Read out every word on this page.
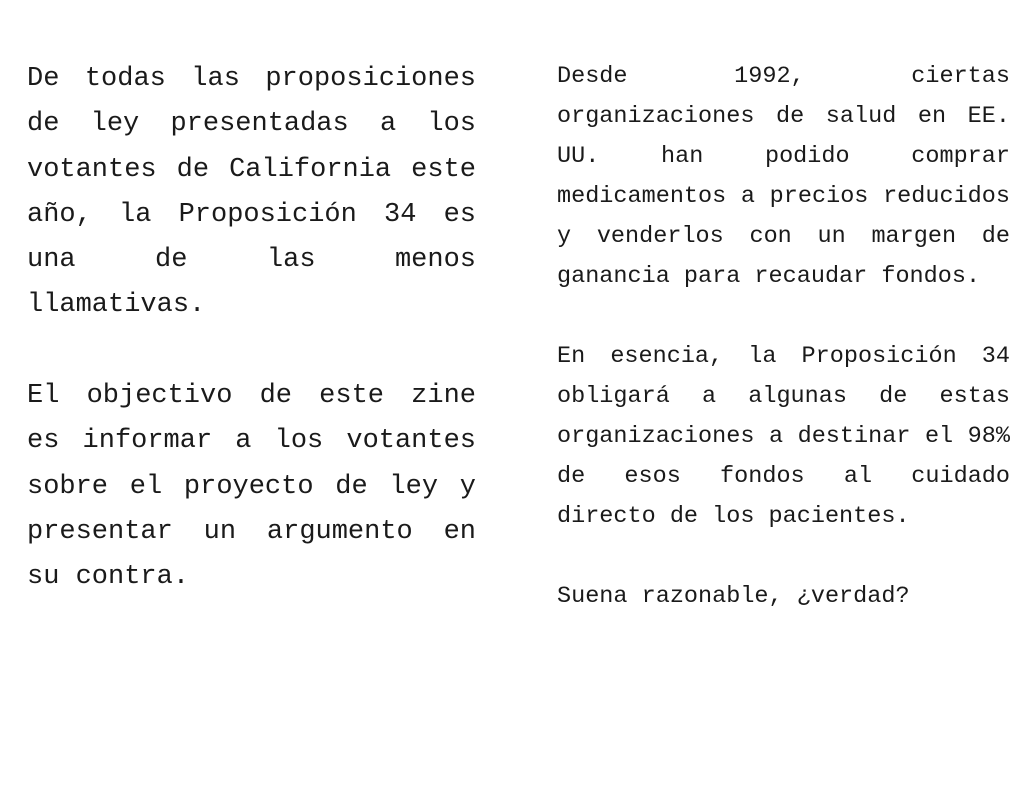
De todas las proposiciones de ley presentadas a los votantes de California este año, la Proposición 34 es una de las menos llamativas.

El objectivo de este zine es informar a los votantes sobre el proyecto de ley y presentar un argumento en su contra.

Desde 1992, ciertas organizaciones de salud en EE. UU. han podido comprar medicamentos a precios reducidos y venderlos con un margen de ganancia para recaudar fondos.

En esencia, la Proposición 34 obligará a algunas de estas organizaciones a destinar el 98% de esos fondos al cuidado directo de los pacientes.

Suena razonable, ¿verdad?
